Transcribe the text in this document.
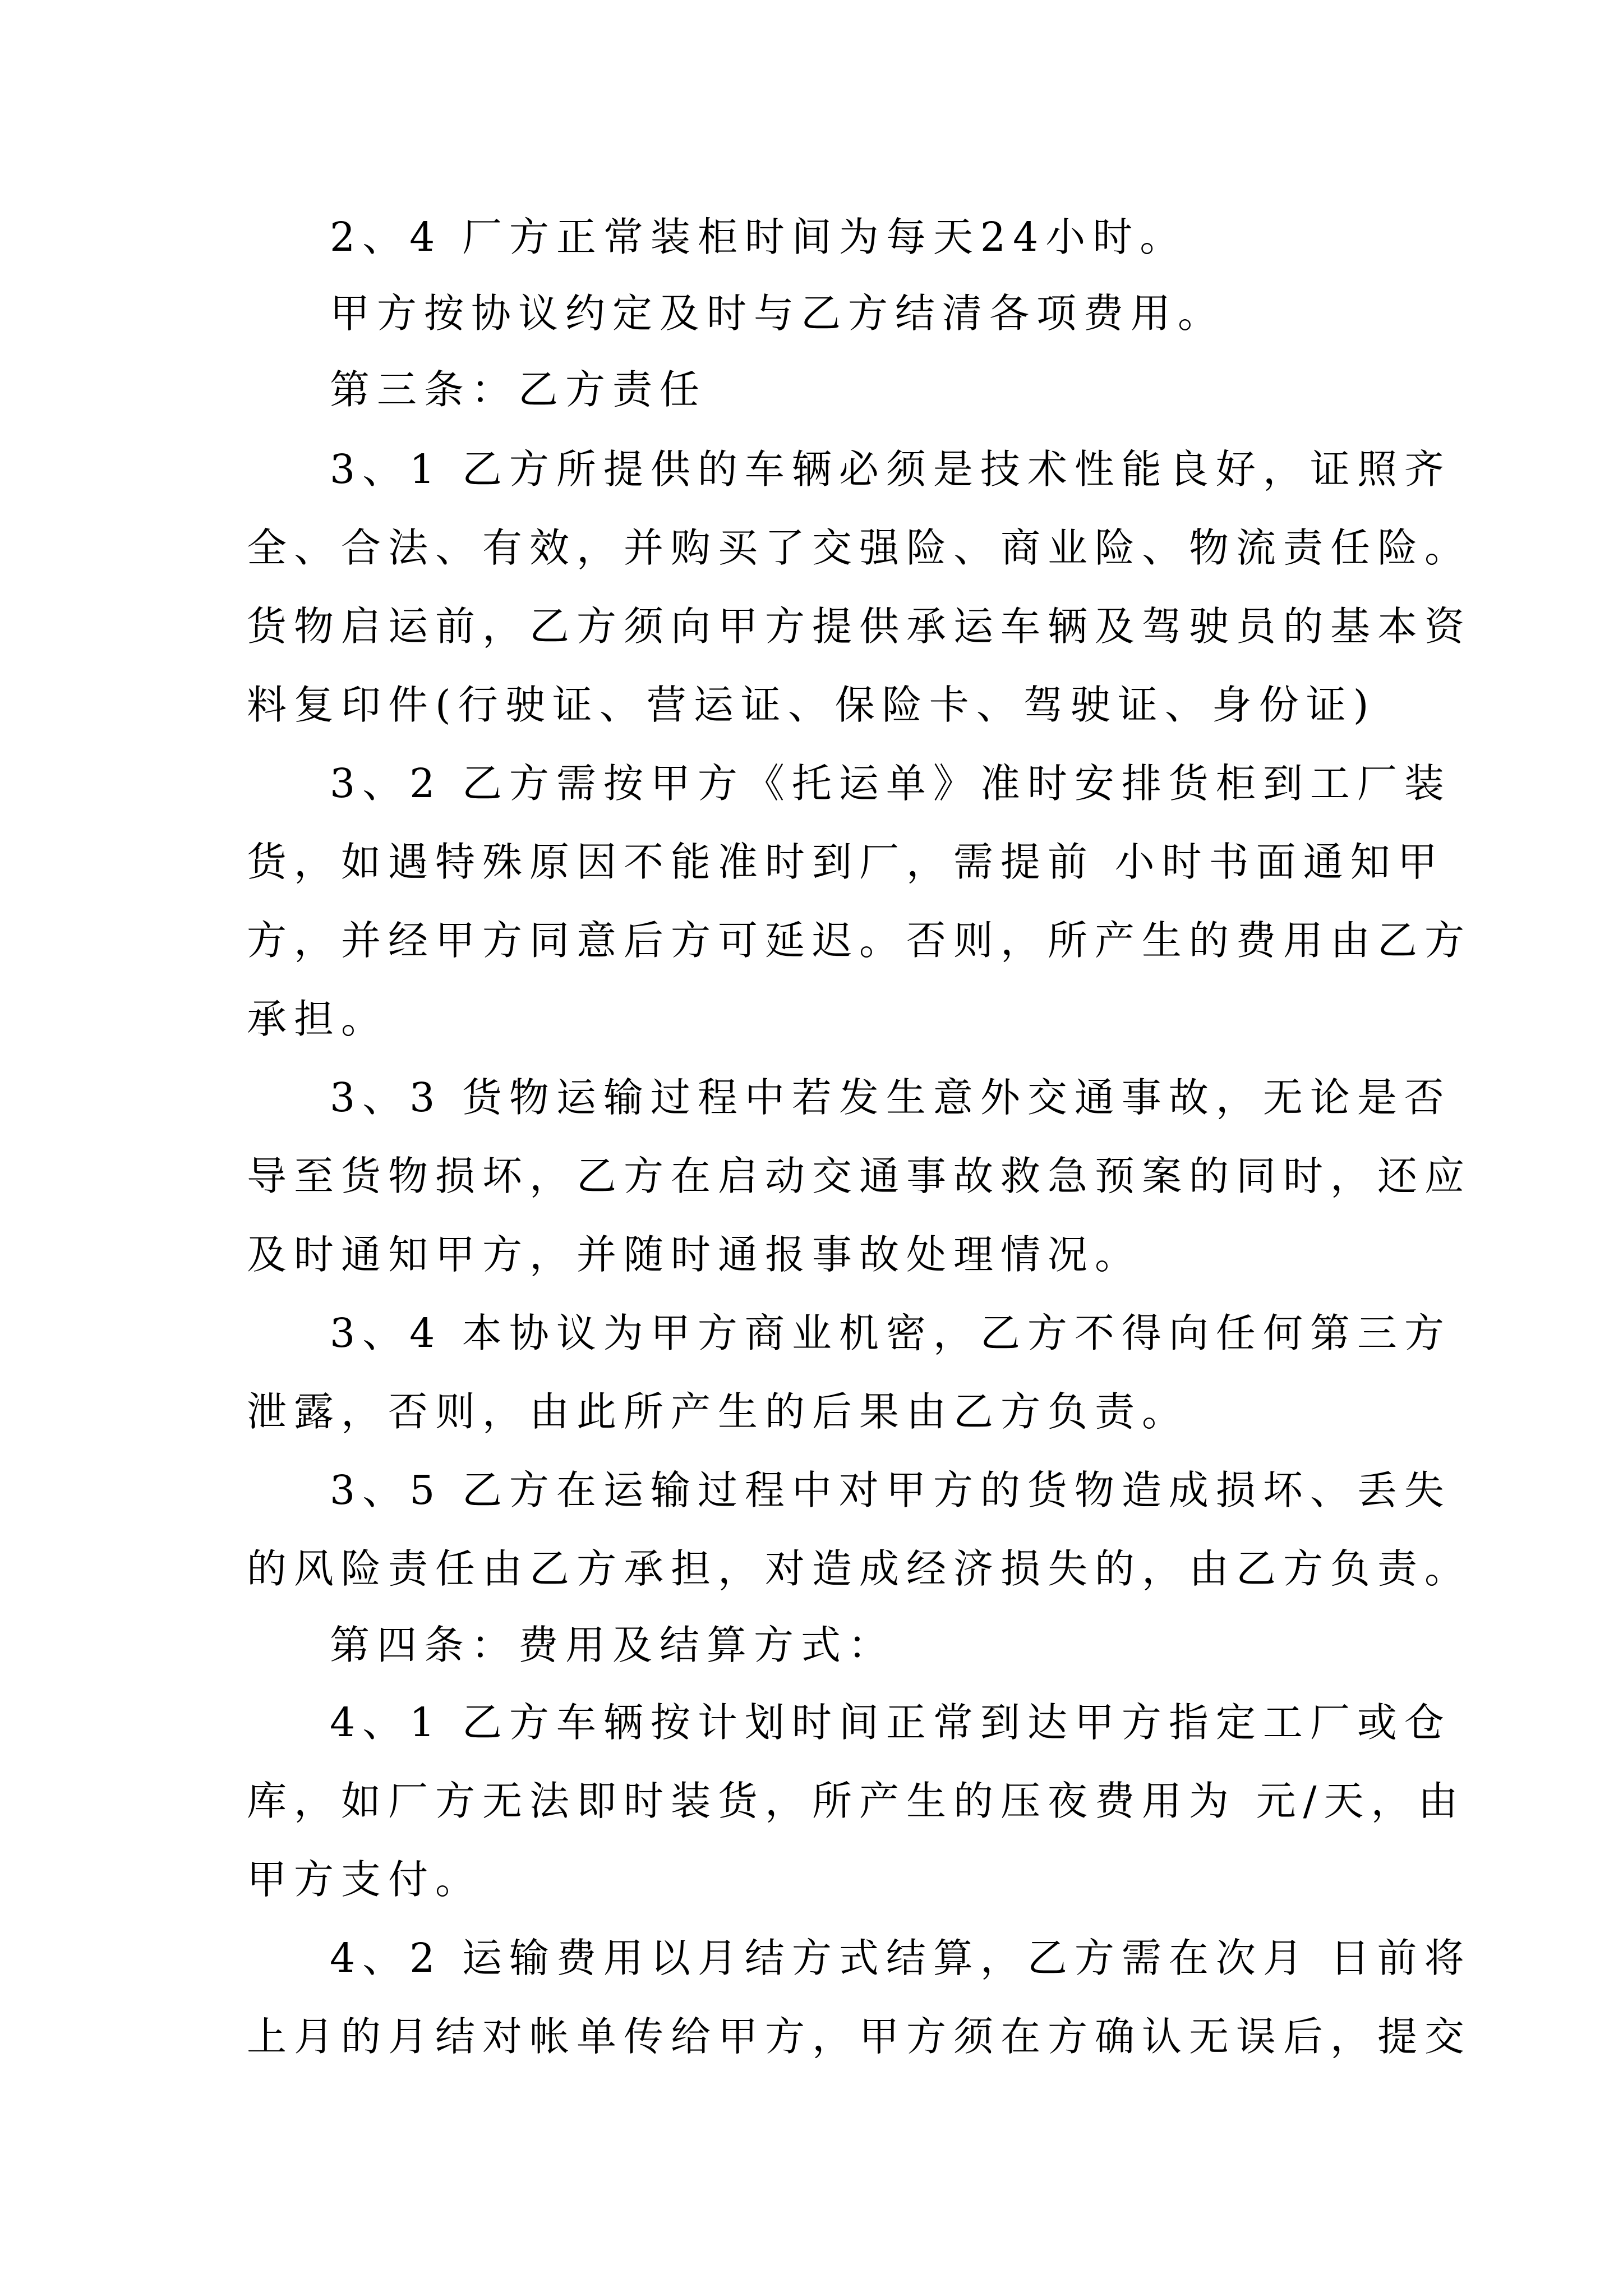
2、4 厂方正常装柜时间为每天24小时。
甲方按协议约定及时与乙方结清各项费用。
第三条：乙方责任
3、1 乙方所提供的车辆必须是技术性能良好，证照齐
全、合法、有效，并购买了交强险、商业险、物流责任险。
货物启运前，乙方须向甲方提供承运车辆及驾驶员的基本资
料复印件(行驶证、营运证、保险卡、驾驶证、身份证)
3、2 乙方需按甲方《托运单》准时安排货柜到工厂装
货，如遇特殊原因不能准时到厂，需提前 小时书面通知甲
方，并经甲方同意后方可延迟。否则，所产生的费用由乙方
承担。
3、3 货物运输过程中若发生意外交通事故，无论是否
导至货物损坏，乙方在启动交通事故救急预案的同时，还应
及时通知甲方，并随时通报事故处理情况。
3、4 本协议为甲方商业机密，乙方不得向任何第三方
泄露，否则，由此所产生的后果由乙方负责。
3、5 乙方在运输过程中对甲方的货物造成损坏、丢失
的风险责任由乙方承担，对造成经济损失的，由乙方负责。
第四条：费用及结算方式：
4、1 乙方车辆按计划时间正常到达甲方指定工厂或仓
库，如厂方无法即时装货，所产生的压夜费用为 元/天，由
甲方支付。
4、2 运输费用以月结方式结算，乙方需在次月 日前将
上月的月结对帐单传给甲方，甲方须在方确认无误后，提交
